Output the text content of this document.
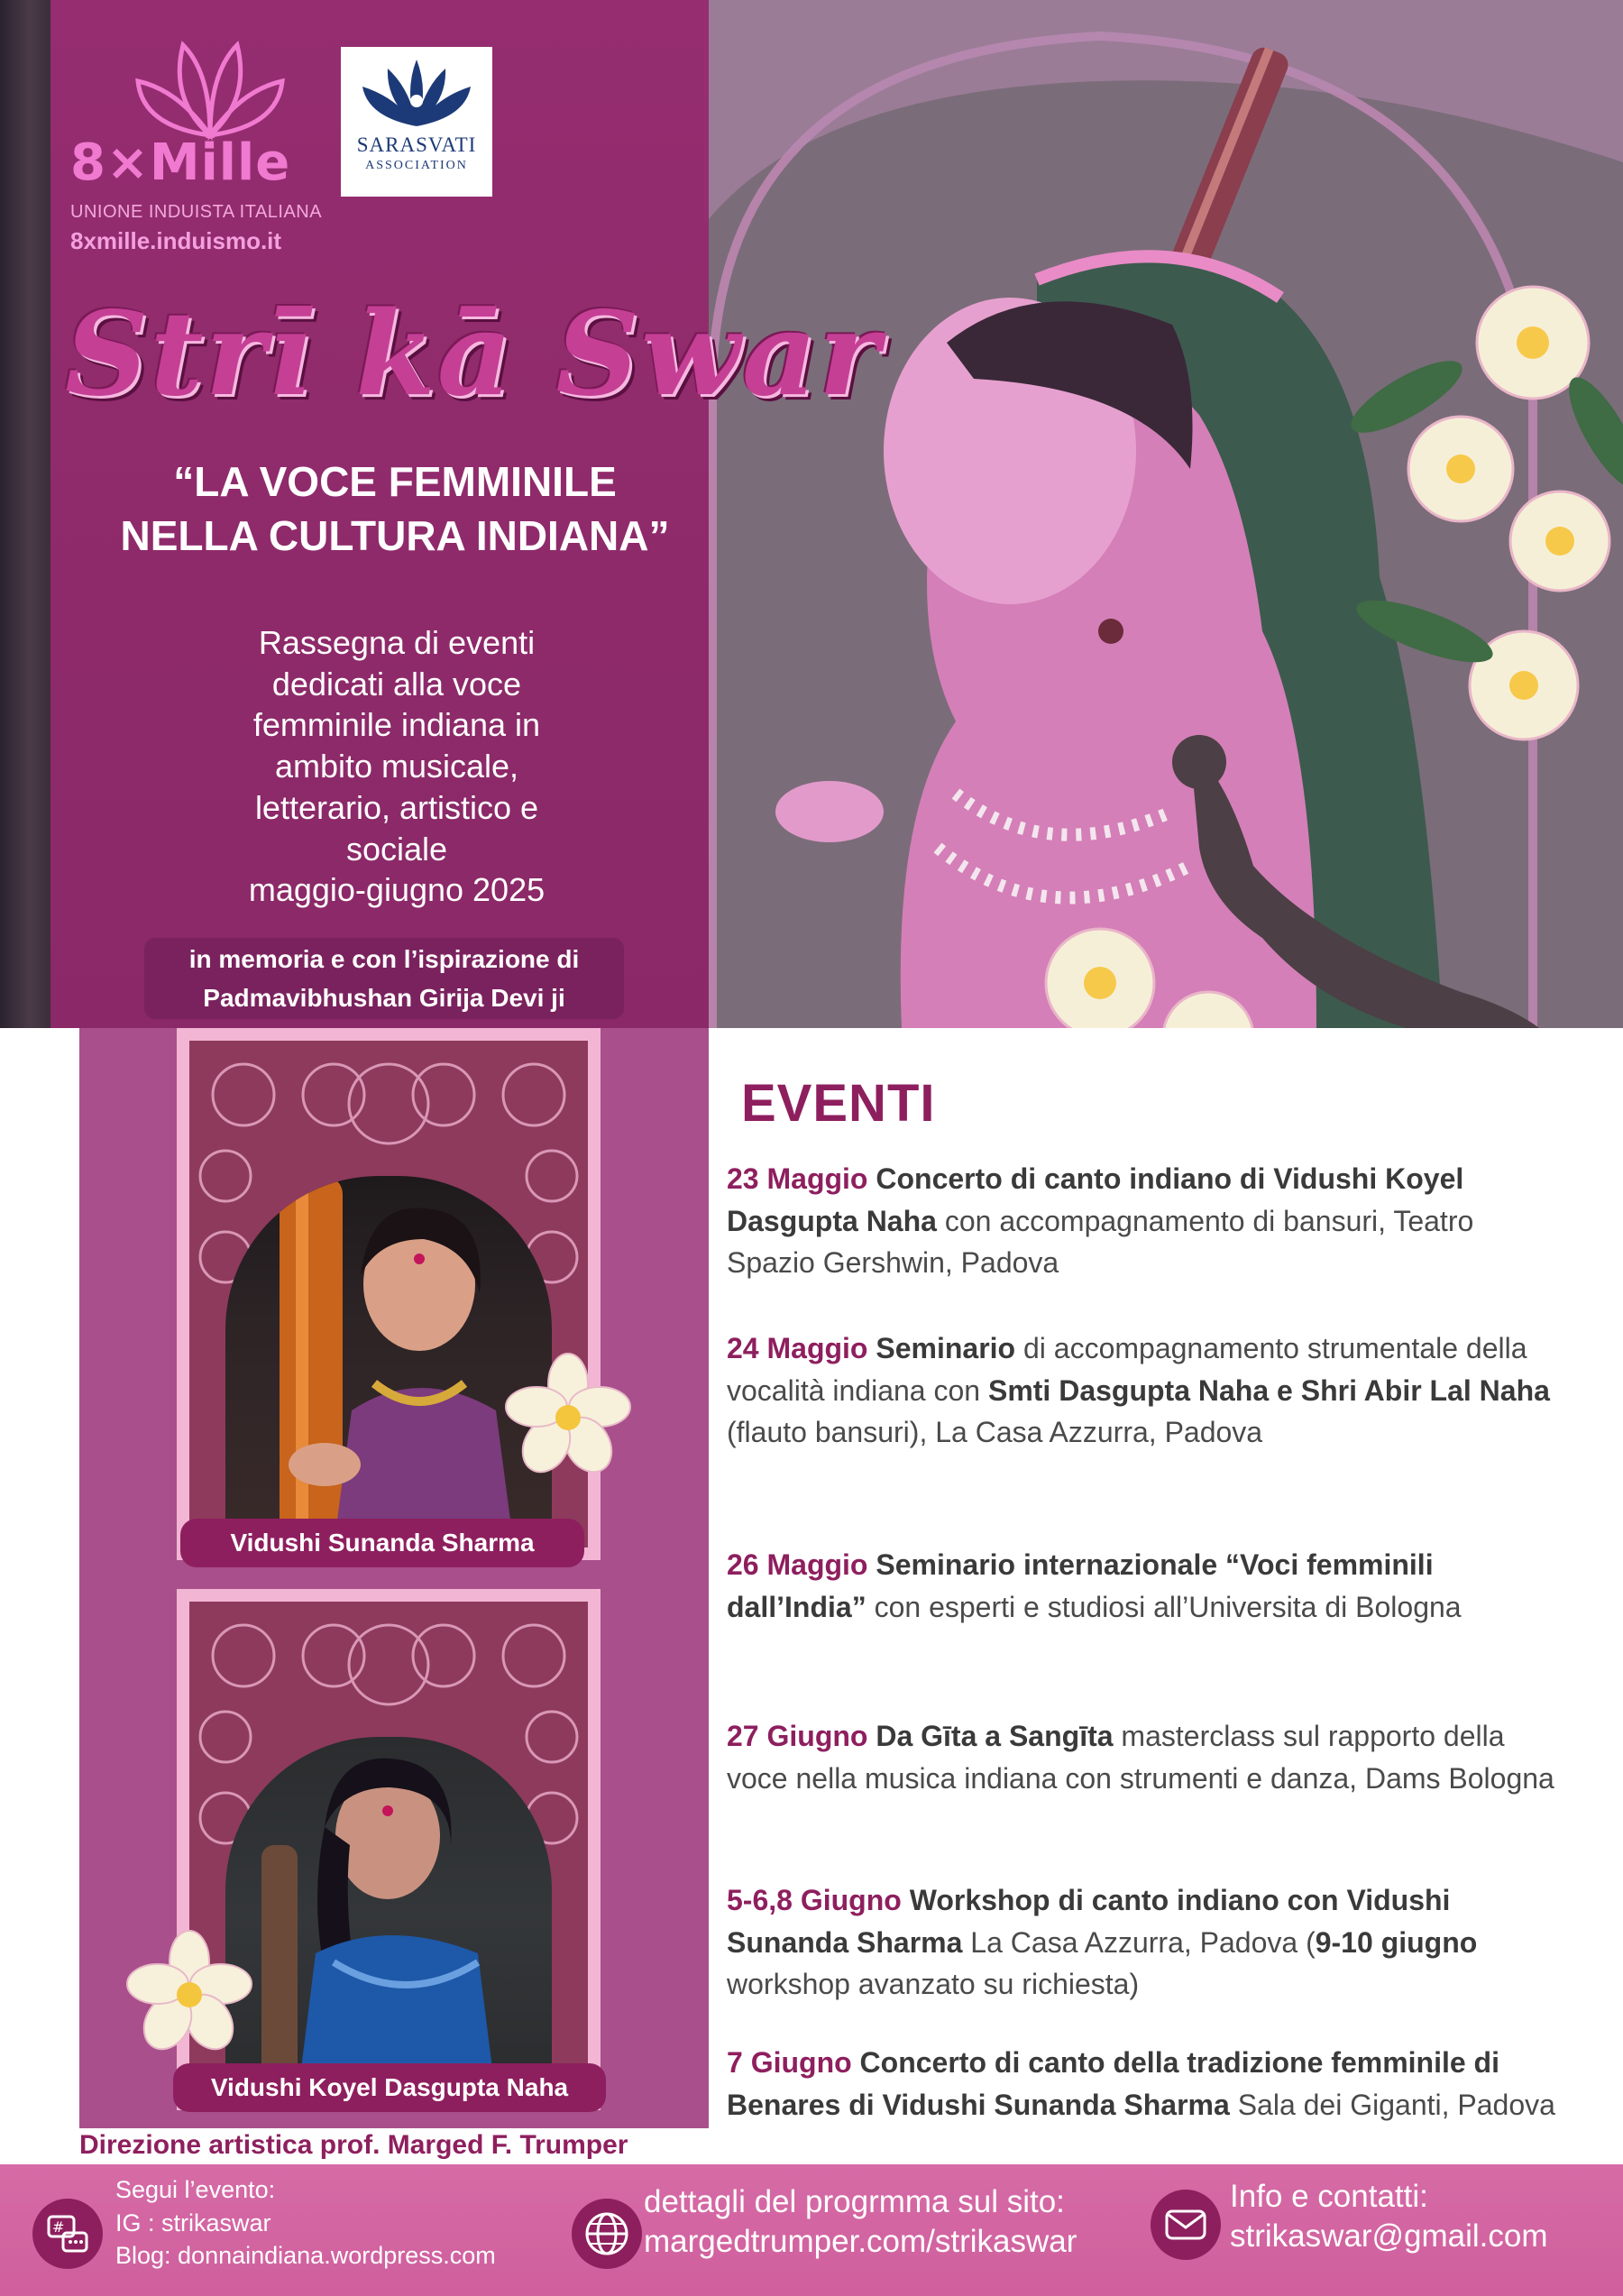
8×Mille
UNIONE INDUISTA ITALIANA
8xmille.induismo.it
SARASVATI
ASSOCIATION
Strī kā Swar
“LA VOCE FEMMINILE
NELLA CULTURA INDIANA”
Rassegna di eventi
dedicati alla voce
femminile indiana in
ambito musicale,
letterario, artistico e
sociale
maggio-giugno 2025
in memoria e con l’ispirazione di
Padmavibhushan Girija Devi ji
Vidushi Sunanda Sharma
Vidushi Koyel Dasgupta Naha
Direzione artistica prof. Marged F. Trumper
EVENTI
23 Maggio Concerto di canto indiano di Vidushi Koyel Dasgupta Naha con accompagnamento di bansuri, Teatro Spazio Gershwin, Padova
24 Maggio Seminario di accompagnamento strumentale della vocalità indiana con Smti Dasgupta Naha e Shri Abir Lal Naha (flauto bansuri), La Casa Azzurra, Padova
26 Maggio Seminario internazionale “Voci femminili dall’India” con esperti e studiosi all’Universita di Bologna
27 Giugno Da Gīta a Sangīta masterclass sul rapporto della voce nella musica indiana con strumenti e danza, Dams Bologna
5-6,8 Giugno Workshop di canto indiano con Vidushi Sunanda Sharma La Casa Azzurra, Padova (9-10 giugno workshop avanzato su richiesta)
7 Giugno Concerto di canto della tradizione femminile di Benares di Vidushi Sunanda Sharma Sala dei Giganti, Padova
#
Segui l’evento:
IG : strikaswar
Blog: donnaindiana.wordpress.com
dettagli del progrmma sul sito:
margedtrumper.com/strikaswar
Info e contatti:
strikaswar@gmail.com
